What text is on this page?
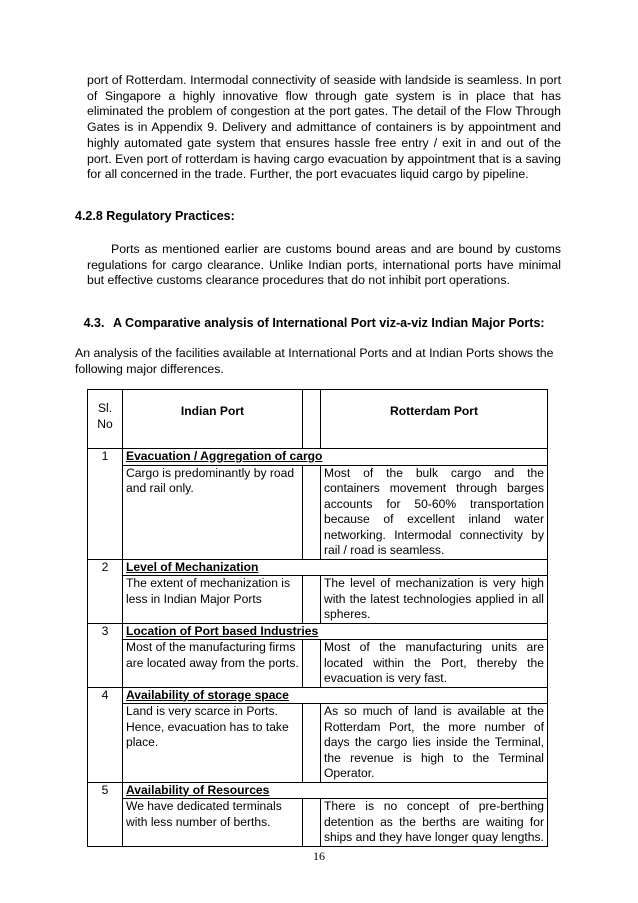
port of Rotterdam. Intermodal connectivity of seaside with landside is seamless. In port of Singapore a highly innovative flow through gate system is in place that has eliminated the problem of congestion at the port gates. The detail of the Flow Through Gates is in Appendix 9. Delivery and admittance of containers is by appointment and highly automated gate system that ensures hassle free entry / exit in and out of the port. Even port of rotterdam is having cargo evacuation by appointment that is a saving for all concerned in the trade. Further, the port evacuates liquid cargo by pipeline.
4.2.8 Regulatory Practices:
Ports as mentioned earlier are customs bound areas and are bound by customs regulations for cargo clearance. Unlike Indian ports, international ports have minimal but effective customs clearance procedures that do not inhibit port operations.
4.3. A Comparative analysis of International Port viz-a-viz Indian Major Ports:
An analysis of the facilities available at International Ports and at Indian Ports shows the following major differences.
Sl.
No	Indian Port		Rotterdam Port
1	Evacuation / Aggregation of cargo		
	Cargo is predominantly by road and rail only.		Most of the bulk cargo and the containers movement through barges accounts for 50-60% transportation because of excellent inland water networking. Intermodal connectivity by rail / road is seamless.
2	Level of Mechanization		
	The extent of mechanization is less in Indian Major Ports		The level of mechanization is very high with the latest technologies applied in all spheres.
3	Location of Port based Industries		
	Most of the manufacturing firms are located away from the ports.		Most of the manufacturing units are located within the Port, thereby the evacuation is very fast.
4	Availability of storage space		
	Land is very scarce in Ports. Hence, evacuation has to take place.		As so much of land is available at the Rotterdam Port, the more number of days the cargo lies inside the Terminal, the revenue is high to the Terminal Operator.
5	Availability of Resources		
	We have dedicated terminals with less number of berths.		There is no concept of pre-berthing detention as the berths are waiting for ships and they have longer quay lengths.
16
